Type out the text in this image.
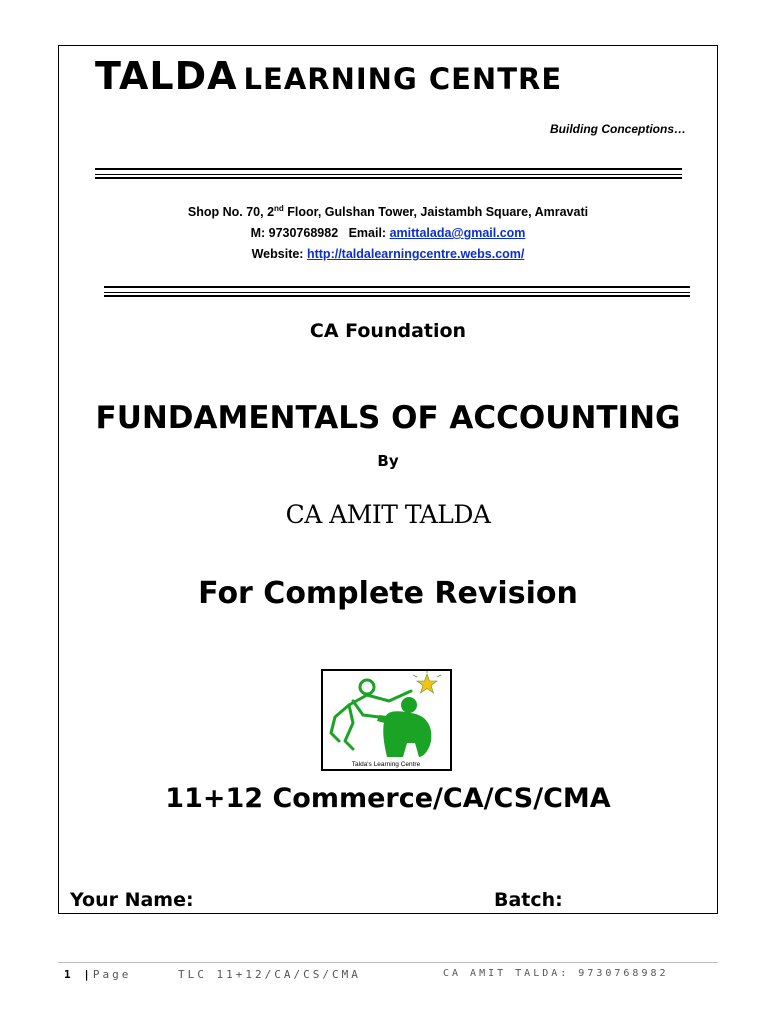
TALDA LEARNING CENTRE
Building Conceptions…
Shop No. 70, 2nd Floor, Gulshan Tower, Jaistambh Square, Amravati
M: 9730768982 Email: amittalada@gmail.com
Website: http://taldalearningcentre.webs.com/
CA Foundation
FUNDAMENTALS OF ACCOUNTING
By
CA AMIT TALDA
For Complete Revision
Talda's Learning Centre
11+12 Commerce/CA/CS/CMA
Your Name:	Batch:
1 |Page	TLC 11+12/CA/CS/CMA	CA AMIT TALDA: 9730768982
